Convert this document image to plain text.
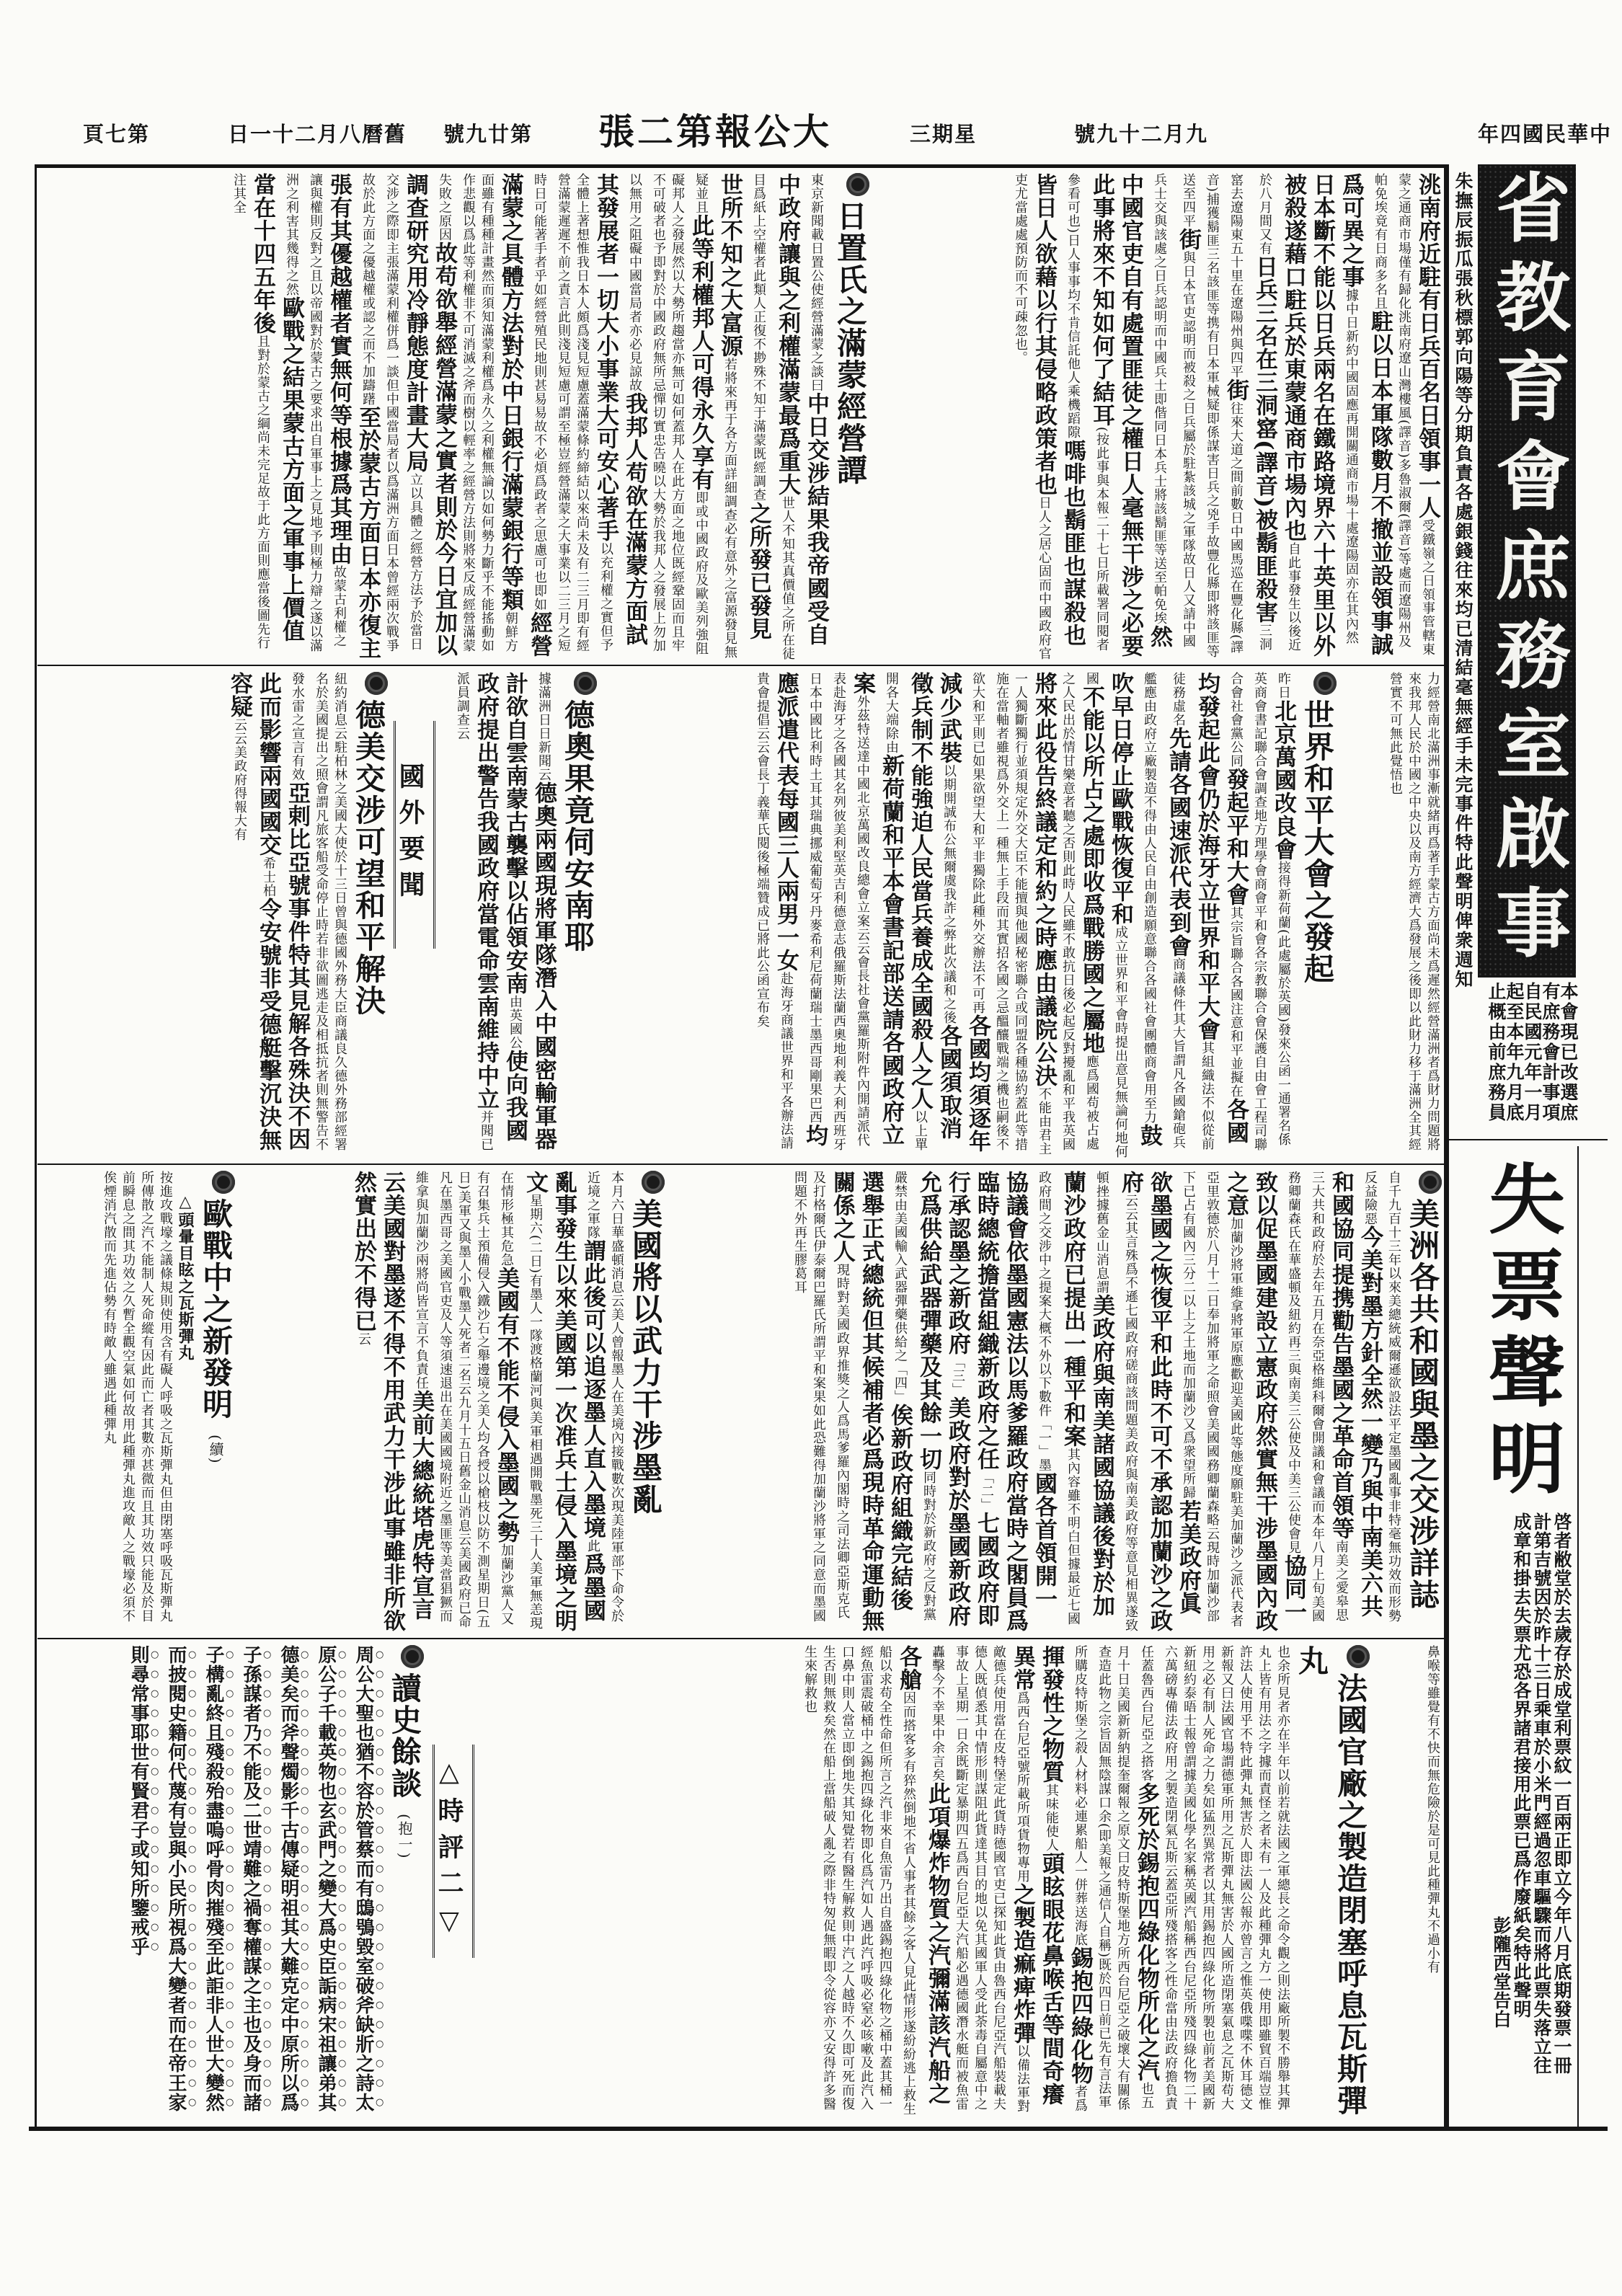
中華民國四年
九月二十九號
星期三
大公報第二張
第廿九號
舊曆八月二十一日
第七頁
洮南府近駐有日兵百名日領事一人受鐵嶺之日領事管轄東蒙之通商市場僅有歸化洮南府遼山灣樓風(譯音)多魯淑爾(譯音)等處而遼陽州及帕免埃竟有日商多名且駐以日本軍隊數月不撤並設領事誠爲可異之事據中日新約中國固應再開關通商市場十處遼陽固亦在其內然日本斷不能以日兵兩名在鐵路境界六十英里以外被殺遂藉口駐兵於東蒙通商市場內也自此事發生以後近於八月間又有日兵三名在三洞窰(譯音)被鬍匪殺害三洞窰去遼陽東五十里在遼陽州與四平街往來大道之間前數日中國馬巡在豐化縣(譯音)捕獲鬍匪三名該匪等携有日本軍械疑即係謀害日兵之兇手故豐化縣即將該匪等送至四平街與日本官吏認明而被殺之日兵屬於駐紮該城之軍隊故日人又請中國兵士交與該處之日兵認明而中國兵士即偕同日本兵士將該鬍匪等送至帕免埃然中國官吏自有處置匪徒之權日人毫無干涉之必要此事將來不知如何了結耳(按此事與本報二十七日所載署同閱者參看可也)日人事事均不肯信託他人乘機蹈隙嗎啡也鬍匪也謀殺也皆日人欲藉以行其侵略政策者也日人之居心固而中國政府官吏尤當處處預防而不可疎忽也。
日置氏之滿蒙經營譚
東京新聞載日置公使經營滿蒙之談曰中日交涉結果我帝國受自中政府讓與之利權滿蒙最爲重大世人不知其真價值之所在徒目爲紙上空權者此類人正復不尠殊不知于滿蒙既經調查之所發已發見世所不知之大富源若將來再于各方面詳細調查必有意外之富源發見無疑並且此等利權邦人可得永久享有即或中國政府及歐美列強阻礙邦人之發展然以大勢所趨當亦無可如何蓋邦人在此方面之地位既經鞏固而且牢不可破者也予即對於中國政府無所忌憚切實忠告曉以大勢於我邦人之發展上勿加以無用之阻礙中國當局者亦必見諒故我邦人苟欲在滿蒙方面試其發展者一切大小事業大可安心著手以充利權之實但予全體上著想惟我日本人頗爲淺見短慮蓋滿蒙條約締結以來尚未及有二三月即有經營滿蒙遲遲不前之責言此則淺見短慮可謂至極豈經營滿蒙之大事業以二三月之短時日可能著手者乎如經營殖民地則甚易易故不必煩爲政者之思慮可也即如經營滿蒙之具體方法對於中日銀行滿蒙銀行等類朝鮮方面雖有種種計畫然而須知滿蒙利權爲永久之利權無論以如何勢力斷乎不能搖動如作悲觀以爲此等利權非不可消滅之斧而樹以輕率之經營方法則將來反成經營滿蒙失敗之原因故苟欲舉經營滿蒙之實者則於今日宜加以調查研究用冷靜態度計畫大局立以具體之經營方法予於當日交涉之際即主張滿蒙利權併爲一談但中國當局者以爲滿洲方面日本曾經兩次戰爭故於此方面之優越權或認之而不加躊躇至於蒙古方面日本亦復主張有其優越權者實無何等根據爲其理由故蒙古利權之讓與權則反對之且以帝國對於蒙古之要求出自軍事上之見地予則極力辯之遂以滿洲之利害其幾得之然歐戰之結果蒙古方面之軍事上價值當在十四五年後且對於蒙古之綱尚未完足故于此方面則應當後圖先行注其全
力經營南北滿洲事漸就緒再爲著手蒙古方面尚未爲遲然經營滿洲者爲財力問題將來我邦人民於中國之中央以及南方經濟大爲發展之後即以此財力移于滿洲全其經營實不可無此覺悟也
世界和平大會之發起
昨日北京萬國改良會接得新荷蘭(此處屬於英國)發來公函一通署名係英商會書記聯合會調查地方理學會商會平和會各宗教聯合會保護自由會工程司聯合會社會黨公同發起平和大會其宗旨聯合各國注意和平並擬在各國均發起此會仍於海牙立世界和平大會其組織法不似從前徒務虛名先請各國速派代表到會商議條件其大旨謂凡各國鎗砲兵艦應由政府立廠製造不得由人民自由創造願意聯合各國社會團體商會用至力鼓吹早日停止歐戰恢復平和成立世界和平會時提出意見無論何地何國不能以所占之處即收爲戰勝國之屬地應爲國苟被占處之人民出於情甘樂意者聽之否則此時人民雖不敢抗日後必起反對擾亂和平我英國將來此役告終議定和約之時應由議院公決不能由君主一人獨斷獨行並須規定外交大臣不能擅與他國秘密聯合或同盟各種協約蓋此等措施在當軸者雖視爲外交上一種無上手段而其實招各國之忌醞釀戰端之機也嗣後不欲大和平則已如果欲望大和平非獨除此種外交辦法不可再各國均須逐年減少武裝以期開誠布公無爾虞我詐之弊此次議和之後各國須取消徵兵制不能強迫人民當兵養成全國殺人之人以上單開各大端除由新荷蘭和平本會書記部送請各國政府立案外茲特送達中國北京萬國改良總會立案云云會長社會黨羅斯附件內開請派代表赴海牙之各國其名列彼美利堅英吉利德意志俄羅斯法蘭西奧地利義大利西班牙日本中國比利時土耳其瑞典挪威葡萄牙丹麥希利尼荷蘭瑞士墨西哥剛果巴西均應派遣代表每國三人兩男一女赴海牙商議世界和平各辦法請貴會提倡云云會長丁義華氏閱後極端贊成已將此公函宣布矣
德奧果竟伺安南耶
據滿洲日日新聞云德奧兩國現將軍隊潛入中國密輸軍器計欲自雲南蒙古襲擊以佔領安南由英國公使向我國政府提出警告我國政府當電命雲南維持中立并聞已派員調查云
德美交涉可望和平解決
紐約消息云駐柏林之美國大使於十三日曾與德國外務大臣商議良久德外務部經署名於美國提出之照會謂凡旅客船受命停止時若非欲圖逃走及相抵抗者則無警告不發水雷之宣言有效亞剌比亞號事件特其見解各殊決不因此而影響兩國國交希士柏令安號非受德艇擊沉決無容疑云云美政府得報大有
美洲各共和國與墨之交涉詳誌
自千九百十三年以來美總統威爾遜欲設法平定墨國亂事非特毫無功效而形勢反益險惡今美對墨方針全然一變乃與中南美六共和國協同提携勸告墨國之革命首領等南美之愛皋思三大共和政府於去年五月在奈亞格維科爾會開議和會議而本年八月上旬美國務卿蘭森氏在華盛頓及紐約再三與南美三公使及中美三公使會見協同一致以促墨國建設立憲政府然實無干涉墨國內政之意加蘭沙將軍維拿將軍原應歡迎美國此等態度願駐美加蘭沙之派代表者亞里敦德於八月十二日奉加將軍之命照會美國國務卿蘭森略云現時加蘭沙部下已占有國內三分二以上之土地而加蘭沙又爲衆望所歸若美政府眞欲墨國之恢復平和此時不可不承認加蘭沙之政府云云其言殊爲不遜七國政府磋商該問題美政府與南美政府等意見相異遂致頓挫據舊金山消息謂美政府與南美諸國協議後對於加蘭沙政府已提出一種平和案其內容雖不明白但據最近七國政府間之交涉中之提案大概不外以下數件「一」墨國各首領開一協議會依墨國憲法以馬爹羅政府當時之閣員爲臨時總統擔當組織新政府之任「二」七國政府即行承認墨之新政府「三」美政府對於墨國新政府允爲供給武器彈藥及其餘一切同時對於新政府之反對黨嚴禁由美國輸入武器彈藥供給之「四」俟新政府組織完結後選舉正式總統但其候補者必爲現時革命運動無關係之人現時對美國政界推獎之人爲馬爹羅內閣時之司法卿亞斯克氏及打格爾氏伊泰爾巴羅氏所謂平和案果如此恐難得加蘭沙將軍之同意而墨國問題不外再生膠葛耳
美國將以武力干涉墨亂
本月六日華盛頓消息云美人曾報墨人在美境內接戰數次現美陸軍部下命令於近境之軍隊謂此後可以追逐墨人直入墨境此爲墨國亂事發生以來美國第一次准兵士侵入墨境之明文星期六(二日)有墨人一隊渡格蘭河與美軍相遇開戰墨死三十人美軍無恙現在情形極其危急美國有不能不侵入墨國之勢加蘭沙黨人又有召集兵士預備侵入鐵沙石之舉邊境之美人均各授以槍枝以防不測星期日(五日)美軍又與墨人小戰墨人死者二名云九月十五日舊金山消息云美國政府已命凡在墨西哥之美國官吏及人等須速退出在美國國境附近之墨匪等美當猖獗而維拿與加蘭沙兩將尚皆宣言不負責任美前大總統塔虎特宣言云美國對墨遂不得不用武力干涉此事雖非所欲然實出於不得已云
歐戰中之新發明(續)
△頭暈目眩之瓦斯彈丸
按進攻戰壕之議條規則使用含有礙人呼吸之瓦斯彈丸但由閉塞呼吸瓦斯彈丸所傳散之汽不能制人死命縱有因此而亡者其數亦甚微而且其功效只能及於目前瞬息之間其功效之久暫全觀空氣如何故用此種彈丸進攻敵人之戰壕必須不俟煙消汽散而先進佔勢有時敵人雖遇此種彈丸
鼻喉等雖覺有不快而無危險於是可見此種彈丸不過小有
法國官廠之製造閉塞呼息瓦斯彈丸
也余所見者亦在半年以前若就法國之軍總長之命令觀之則法廠所製不勝舉其彈丸上皆有用法之字據而責怪之者未有一人及此種彈丸方一使用即雖貿百端豈惟許法人使用乎不特此彈丸無害於人即法國公報亦曾言之惟英俄喋喋不休耳德文新報又曰法國官場謂德軍所用之瓦斯彈丸無害於人國所造閉塞氣息之瓦斯苟大用之必有制人死命之力矣如猛烈異常者以其用錫抱四綠化物所製也前者美國新新紐約泰晤士報曾謂據美國化學名家稱英國汽船稱西台尼亞所殘四綠化物二十六萬磅專備法政府用之製造閉氣瓦斯云蓋亞所殘搭客之性命當由法政府擔負責任蓋魯西台尼亞之搭客多死於錫抱四綠化物所化之汽也五月十日美國新新納提奎爾報之原文曰皮特斯堡地方所西台尼亞之破壞大有關係查造此物之宗旨固無陰謀口余(即美報之通信人自稱)既於四日前已先有言法軍所購皮特斯堡之殺人材料必連累船人一併葬送海底錫抱四綠化物者爲揮發性之物質其味能使人頭眩眼花鼻喉舌等間奇癢異常爲西台尼亞號所載所項貨物專用之製造痲痺炸彈以備法軍對敵德兵使用當在皮特堡定此貨時德國官吏已探知此貨由魯西台尼亞汽船裝載夫德人既偵悉其中情形則謀阻此貨達其目的地以免其國軍人受此荼毒自屬意中之事故上星期一日余既斷定暴期四五爲西台尼亞大汽船必遇德國潛水艇而被魚雷轟擊今不幸果中余言矣此項爆炸物質之汽彌滿該汽船之各艙因而搭客多有猝然倒地不省人事者其餘之客人見此情形遂紛紛逃上救生船以求苟全性命但所言之汽非來自魚雷乃出自盛錫抱四綠化物之桶中蓋其桶一經魚雷震破桶中之錫抱四綠化物即化爲汽如人遇此汽呼吸必窒必咳嗽及此汽入口鼻中則人當立即倒地失其知覺若有醫生解救則中汽之人越時不久即可死而復生否則無救矣然在船上當船破人亂之際非特匆促無暇即令從容亦又安得許多醫生來解救也
讀史餘談(抱一)
周公大聖也猶不容於管蔡而有鴟鴞毀室破斧缺斨之詩太原公子千載英物也玄武門之變大爲史臣詬病宋祖讓弟其德美矣而斧聲燭影千古傳疑明祖其大難克定中原所以爲子孫謀者乃不能及二世靖難之禍奪權謀之主也及身而諸子構亂終且殘殺殆盡嗚呼骨肉摧殘至此詎非人世大變然而披閱史籍何代蔑有豈與小民所視爲大變者而在帝王家則尋常事耶世有賢君子或知所鑒戒乎
國外要聞
△時評二▽
朱撫辰振瓜張秋標郭向陽等分期負責各處銀錢往來均已清結毫無經手未完事件特此聲明俾衆週知 省教育會庶務室啟事
本會現已改選庶有庶務會計事項自民國元年一月起至本年九月底止概由前庶務員
失票聲明
啓者敝堂於去歲存於成堂利票紋一百兩正即立今年八月底期發票一冊計第吉號因於昨十三日乘車於小米門經過忽車驅驟而將此票失落立往成章和掛去失票尤恐各界諸君接用此票已爲作廢紙矣特此聲明
彭隴西堂告白
